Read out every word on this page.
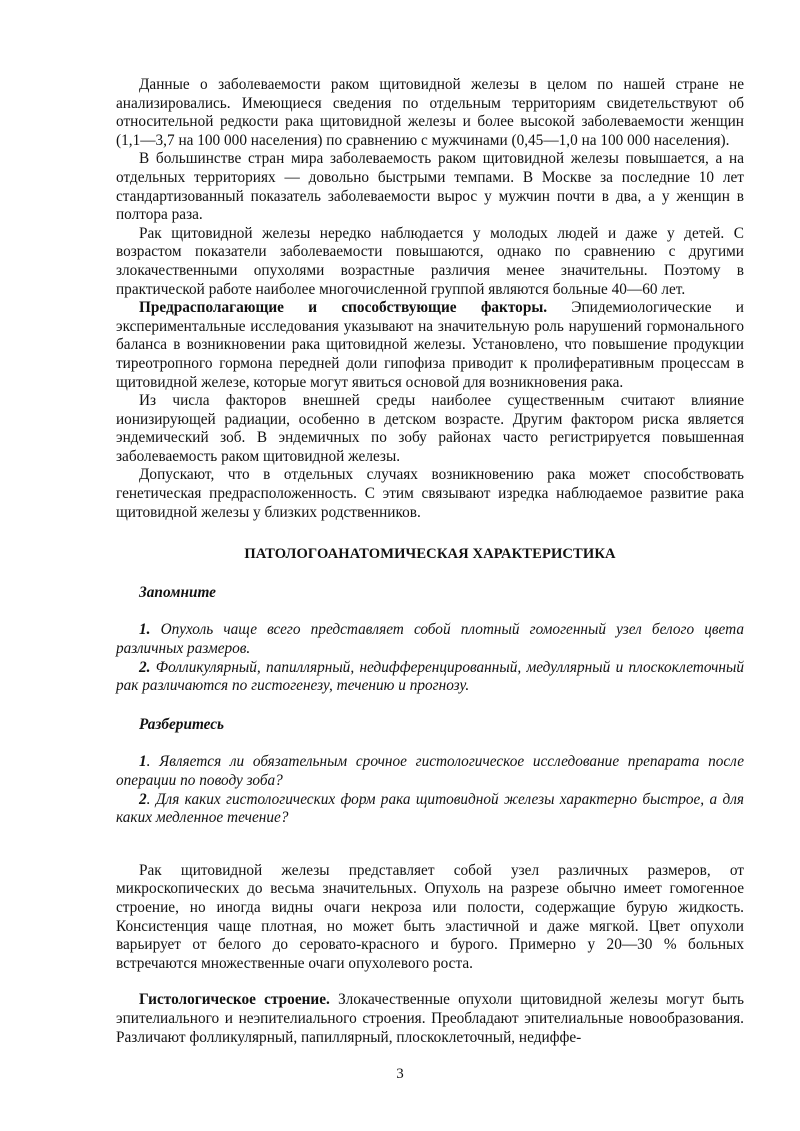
Данные о заболеваемости раком щитовидной железы в целом по нашей стране не анализировались. Имеющиеся сведения по отдельным территориям свидетельствуют об относительной редкости рака щитовидной железы и более высокой заболеваемости женщин (1,1—3,7 на 100 000 населения) по сравнению с мужчинами (0,45—1,0 на 100 000 населения).

В большинстве стран мира заболеваемость раком щитовидной железы повышается, а на отдельных территориях — довольно быстрыми темпами. В Москве за последние 10 лет стандартизованный показатель заболеваемости вырос у мужчин почти в два, а у женщин в полтора раза.

Рак щитовидной железы нередко наблюдается у молодых людей и даже у детей. С возрастом показатели заболеваемости повышаются, однако по сравнению с другими злокачественными опухолями возрастные различия менее значительны. Поэтому в практической работе наиболее многочисленной группой являются больные 40—60 лет.

Предрасполагающие и способствующие факторы. Эпидемиологические и экспериментальные исследования указывают на значительную роль нарушений гормонального баланса в возникновении рака щитовидной железы. Установлено, что повышение продукции тиреотропного гормона передней доли гипофиза приводит к пролиферативным процессам в щитовидной железе, которые могут явиться основой для возникновения рака.

Из числа факторов внешней среды наиболее существенным считают влияние ионизирующей радиации, особенно в детском возрасте. Другим фактором риска является эндемический зоб. В эндемичных по зобу районах часто регистрируется повышенная заболеваемость раком щитовидной железы.

Допускают, что в отдельных случаях возникновению рака может способствовать генетическая предрасположенность. С этим связывают изредка наблюдаемое развитие рака щитовидной железы у близких родственников.

ПАТОЛОГОАНАТОМИЧЕСКАЯ ХАРАКТЕРИСТИКА

Запомните

1. Опухоль чаще всего представляет собой плотный гомогенный узел белого цвета различных размеров.

2. Фолликулярный, папиллярный, недифференцированный, медуллярный и плоскоклеточный рак различаются по гистогенезу, течению и прогнозу.

Разберитесь

1. Является ли обязательным срочное гистологическое исследование препарата после операции по поводу зоба?

2. Для каких гистологических форм рака щитовидной железы характерно быстрое, а для каких медленное течение?

Рак щитовидной железы представляет собой узел различных размеров, от микроскопических до весьма значительных. Опухоль на разрезе обычно имеет гомогенное строение, но иногда видны очаги некроза или полости, содержащие бурую жидкость. Консистенция чаще плотная, но может быть эластичной и даже мягкой. Цвет опухоли варьирует от белого до серовато-красного и бурого. Примерно у 20—30 % больных встречаются множественные очаги опухолевого роста.

Гистологическое строение. Злокачественные опухоли щитовидной железы могут быть эпителиального и неэпителиального строения. Преобладают эпителиальные новообразования. Различают фолликулярный, папиллярный, плоскоклеточный, недиффе-

3
